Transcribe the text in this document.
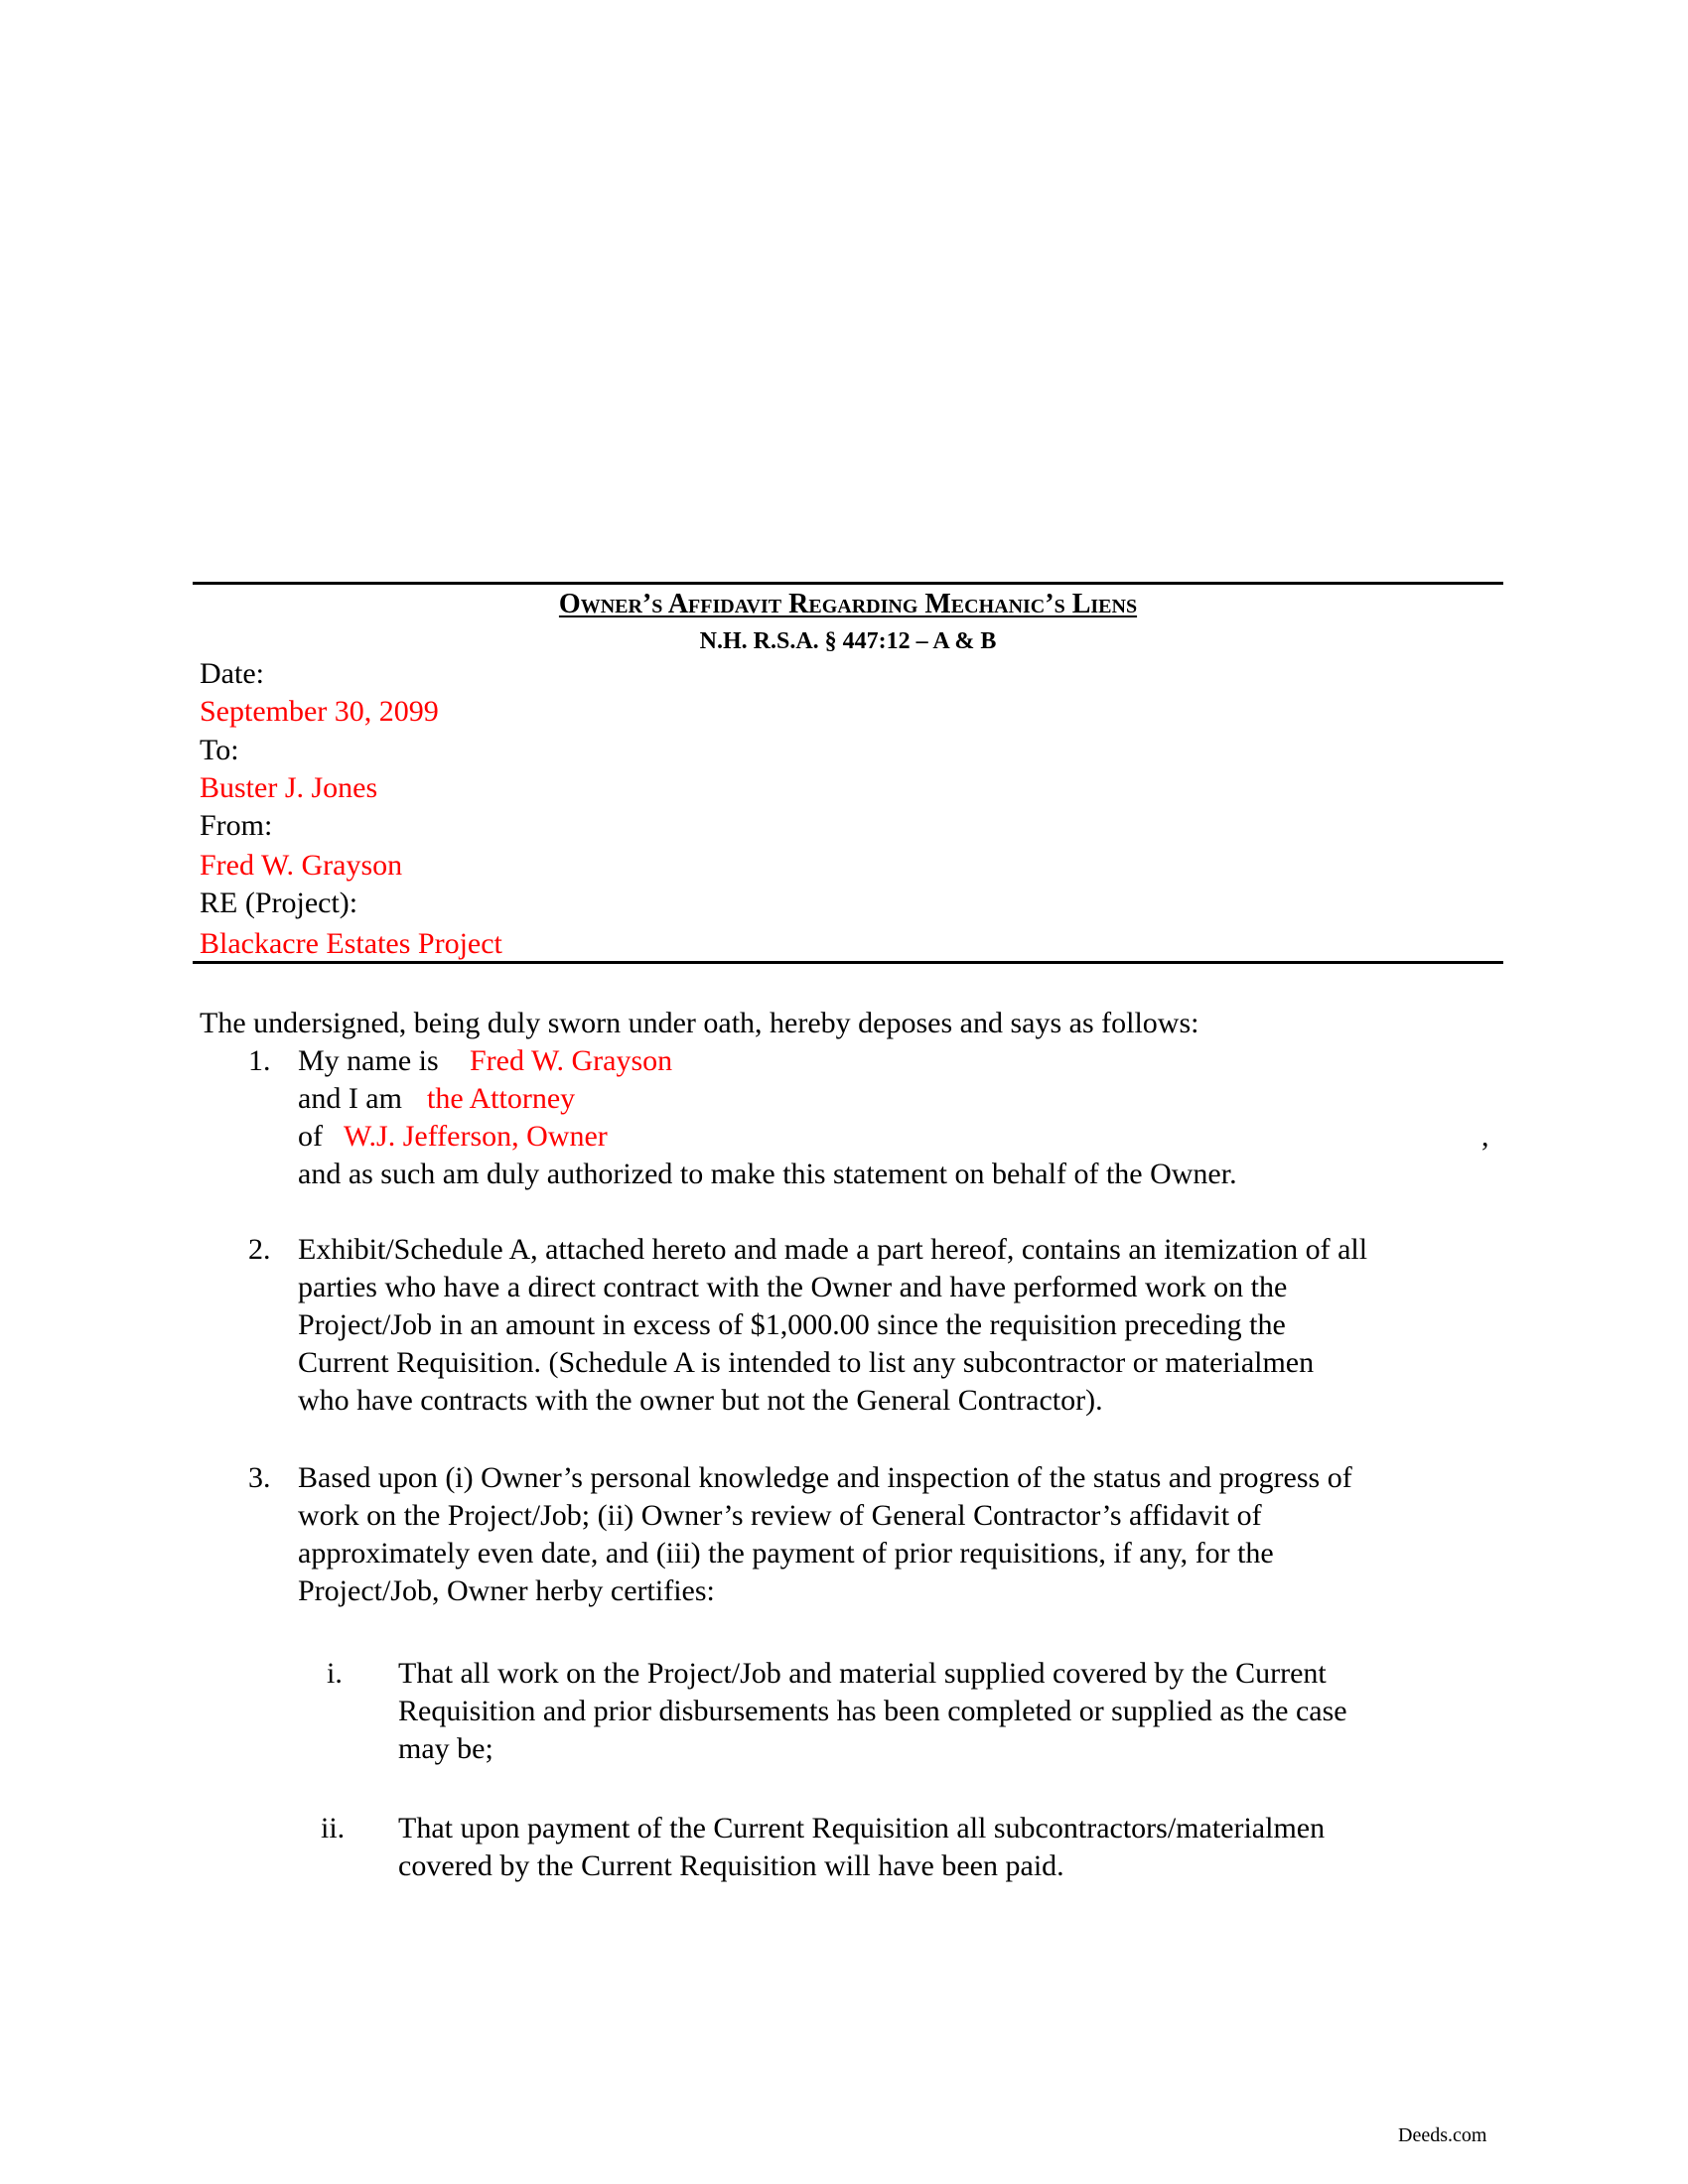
Owner’s Affidavit Regarding Mechanic’s Liens
N.H. R.S.A. § 447:12 – A & B
Date:
September 30, 2099
To:
Buster J. Jones
From:
Fred W. Grayson
RE (Project):
Blackacre Estates Project
The undersigned, being duly sworn under oath, hereby deposes and says as follows:
1. My name is Fred W. Grayson
and I am the Attorney
of W.J. Jefferson, Owner	,
and as such am duly authorized to make this statement on behalf of the Owner.
2. Exhibit/Schedule A, attached hereto and made a part hereof, contains an itemization of all
parties who have a direct contract with the Owner and have performed work on the
Project/Job in an amount in excess of $1,000.00 since the requisition preceding the
Current Requisition. (Schedule A is intended to list any subcontractor or materialmen
who have contracts with the owner but not the General Contractor).
3. Based upon (i) Owner’s personal knowledge and inspection of the status and progress of
work on the Project/Job; (ii) Owner’s review of General Contractor’s affidavit of
approximately even date, and (iii) the payment of prior requisitions, if any, for the
Project/Job, Owner herby certifies:
i. That all work on the Project/Job and material supplied covered by the Current
Requisition and prior disbursements has been completed or supplied as the case
may be;
ii. That upon payment of the Current Requisition all subcontractors/materialmen
covered by the Current Requisition will have been paid.
Deeds.com
